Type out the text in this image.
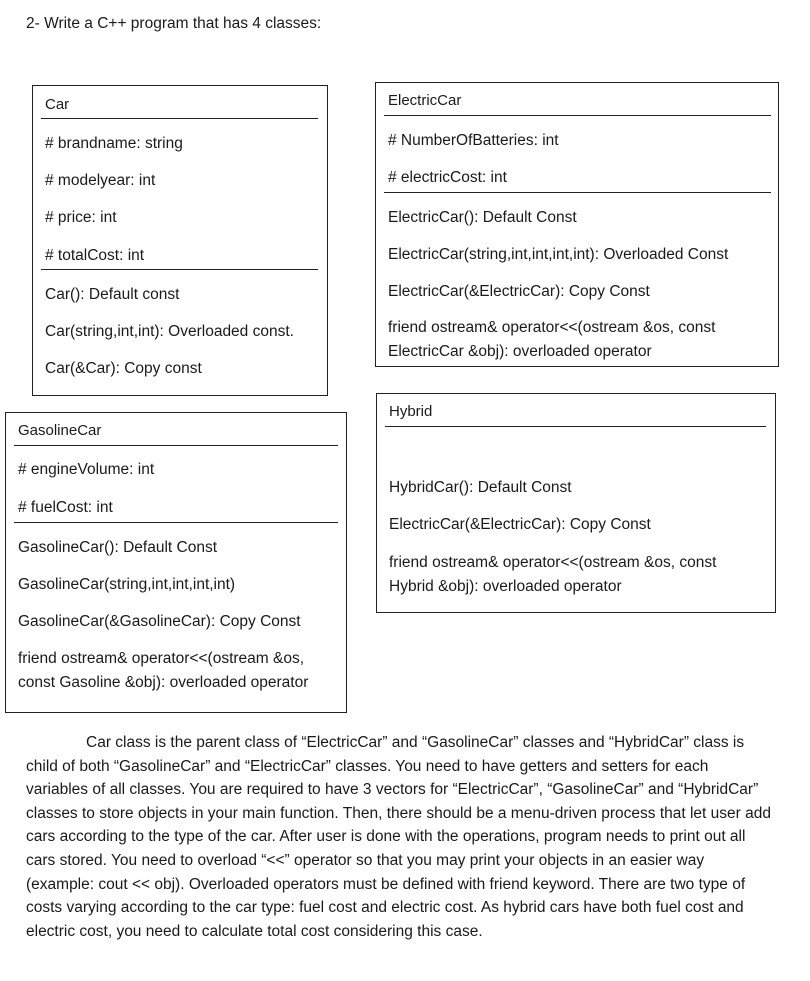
2- Write a C++ program that has 4 classes:

Car
# brandname: string
# modelyear: int
# price: int
# totalCost: int
Car(): Default const
Car(string,int,int): Overloaded const.
Car(&Car): Copy const
ElectricCar
# NumberOfBatteries: int
# electricCost: int
ElectricCar(): Default Const
ElectricCar(string,int,int,int,int): Overloaded Const
ElectricCar(&ElectricCar): Copy Const
friend ostream& operator<<(ostream &os, const ElectricCar &obj): overloaded operator
Hybrid
HybridCar(): Default Const
ElectricCar(&ElectricCar): Copy Const
friend ostream& operator<<(ostream &os, const Hybrid &obj): overloaded operator
GasolineCar
# engineVolume: int
# fuelCost: int
GasolineCar(): Default Const
GasolineCar(string,int,int,int,int)
GasolineCar(&GasolineCar): Copy Const
friend ostream& operator<<(ostream &os, const Gasoline &obj): overloaded operator

Car class is the parent class of “ElectricCar” and “GasolineCar” classes and “HybridCar” class is child of both “GasolineCar” and “ElectricCar” classes. You need to have getters and setters for each variables of all classes. You are required to have 3 vectors for “ElectricCar”, “GasolineCar” and “HybridCar” classes to store objects in your main function. Then, there should be a menu-driven process that let user add cars according to the type of the car. After user is done with the operations, program needs to print out all cars stored. You need to overload “<<” operator so that you may print your objects in an easier way (example: cout << obj). Overloaded operators must be defined with friend keyword. There are two type of costs varying according to the car type: fuel cost and electric cost. As hybrid cars have both fuel cost and electric cost, you need to calculate total cost considering this case.
